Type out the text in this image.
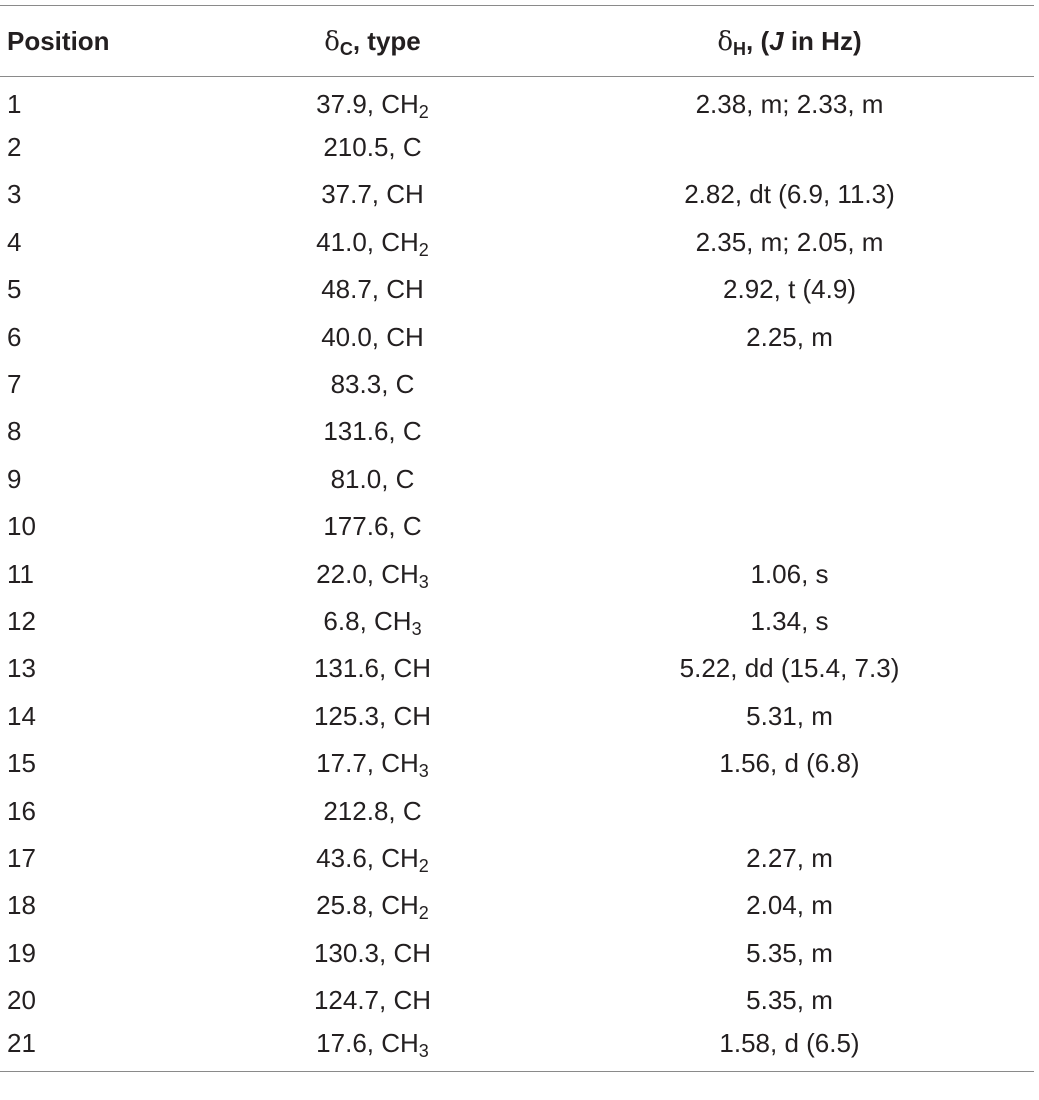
Position	$\delta_C$, type	$\delta_H$, (J in Hz)
1	37.9, $CH_2$	2.38, m; 2.33, m
2	210.5, C	
3	37.7, CH	2.82, dt (6.9, 11.3)
4	41.0, $CH_2$	2.35, m; 2.05, m
5	48.7, CH	2.92, t (4.9)
6	40.0, CH	2.25, m
7	83.3, C	
8	131.6, C	
9	81.0, C	
10	177.6, C	
11	22.0, $CH_3$	1.06, s
12	6.8, $CH_3$	1.34, s
13	131.6, CH	5.22, dd (15.4, 7.3)
14	125.3, CH	5.31, m
15	17.7, $CH_3$	1.56, d (6.8)
16	212.8, C	
17	43.6, $CH_2$	2.27, m
18	25.8, $CH_2$	2.04, m
19	130.3, CH	5.35, m
20	124.7, CH	5.35, m
21	17.6, $CH_3$	1.58, d (6.5)
